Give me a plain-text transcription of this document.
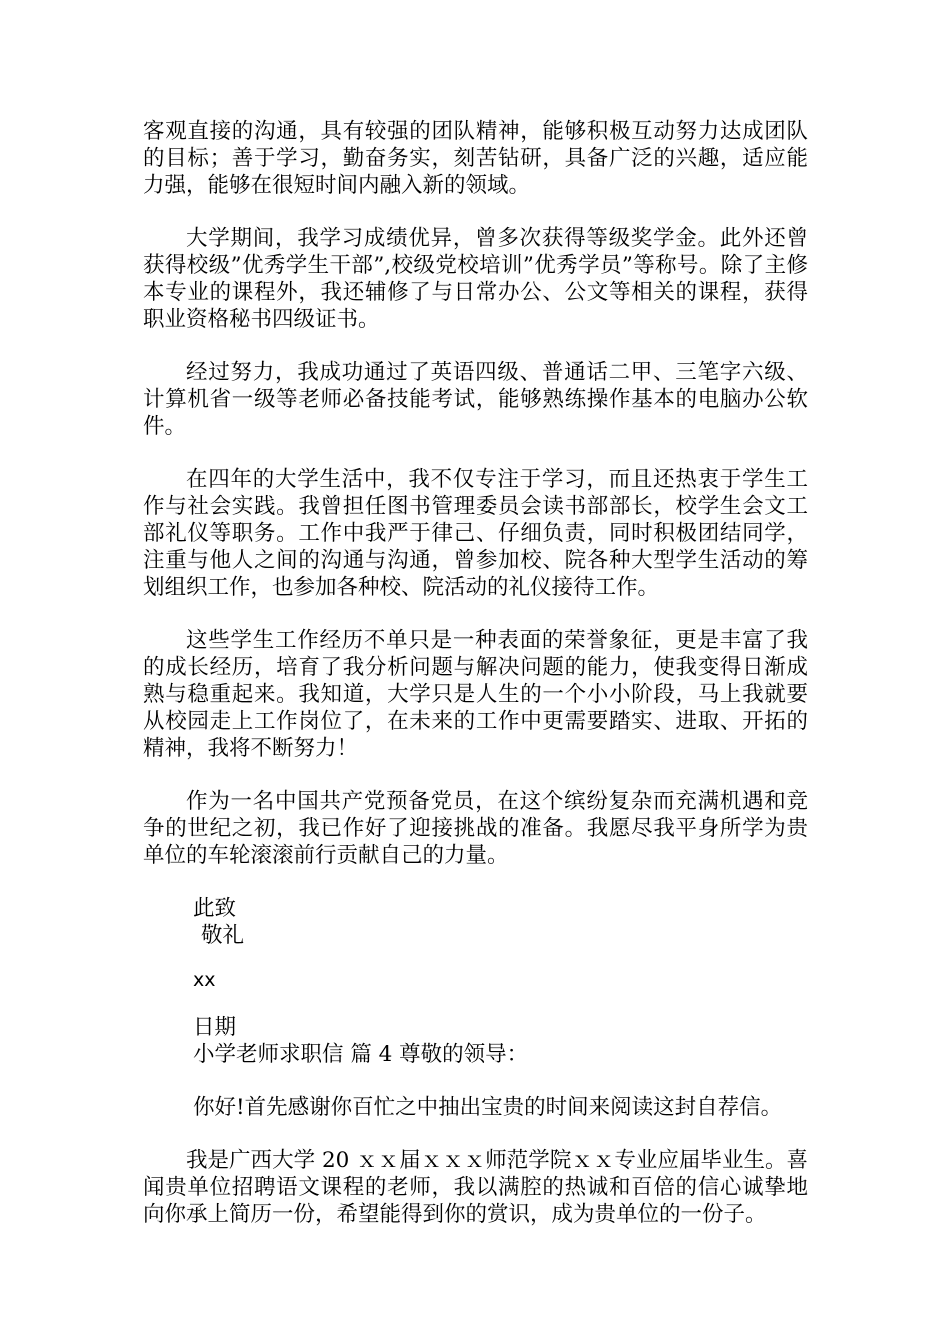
客观直接的沟通，具有较强的团队精神，能够积极互动努力达成团队的目标；善于学习，勤奋务实，刻苦钻研，具备广泛的兴趣，适应能力强，能够在很短时间内融入新的领域。

大学期间，我学习成绩优异，曾多次获得等级奖学金。此外还曾获得校级”优秀学生干部”,校级党校培训”优秀学员”等称号。除了主修本专业的课程外，我还辅修了与日常办公、公文等相关的课程，获得职业资格秘书四级证书。

经过努力，我成功通过了英语四级、普通话二甲、三笔字六级、计算机省一级等老师必备技能考试，能够熟练操作基本的电脑办公软件。

在四年的大学生活中，我不仅专注于学习，而且还热衷于学生工作与社会实践。我曾担任图书管理委员会读书部部长，校学生会文工部礼仪等职务。工作中我严于律己、仔细负责，同时积极团结同学，注重与他人之间的沟通与沟通，曾参加校、院各种大型学生活动的筹划组织工作，也参加各种校、院活动的礼仪接待工作。

这些学生工作经历不单只是一种表面的荣誉象征，更是丰富了我的成长经历，培育了我分析问题与解决问题的能力，使我变得日渐成熟与稳重起来。我知道，大学只是人生的一个小小阶段，马上我就要从校园走上工作岗位了，在未来的工作中更需要踏实、进取、开拓的精神，我将不断努力！

作为一名中国共产党预备党员，在这个缤纷复杂而充满机遇和竞争的世纪之初，我已作好了迎接挑战的准备。我愿尽我平身所学为贵单位的车轮滚滚前行贡献自己的力量。

此致

敬礼

xx

日期

小学老师求职信 篇 4 尊敬的领导：

你好!首先感谢你百忙之中抽出宝贵的时间来阅读这封自荐信。

我是广西大学 20 ｘｘ届ｘｘｘ师范学院ｘｘ专业应届毕业生。喜闻贵单位招聘语文课程的老师，我以满腔的热诚和百倍的信心诚挚地向你承上简历一份，希望能得到你的赏识，成为贵单位的一份子。
